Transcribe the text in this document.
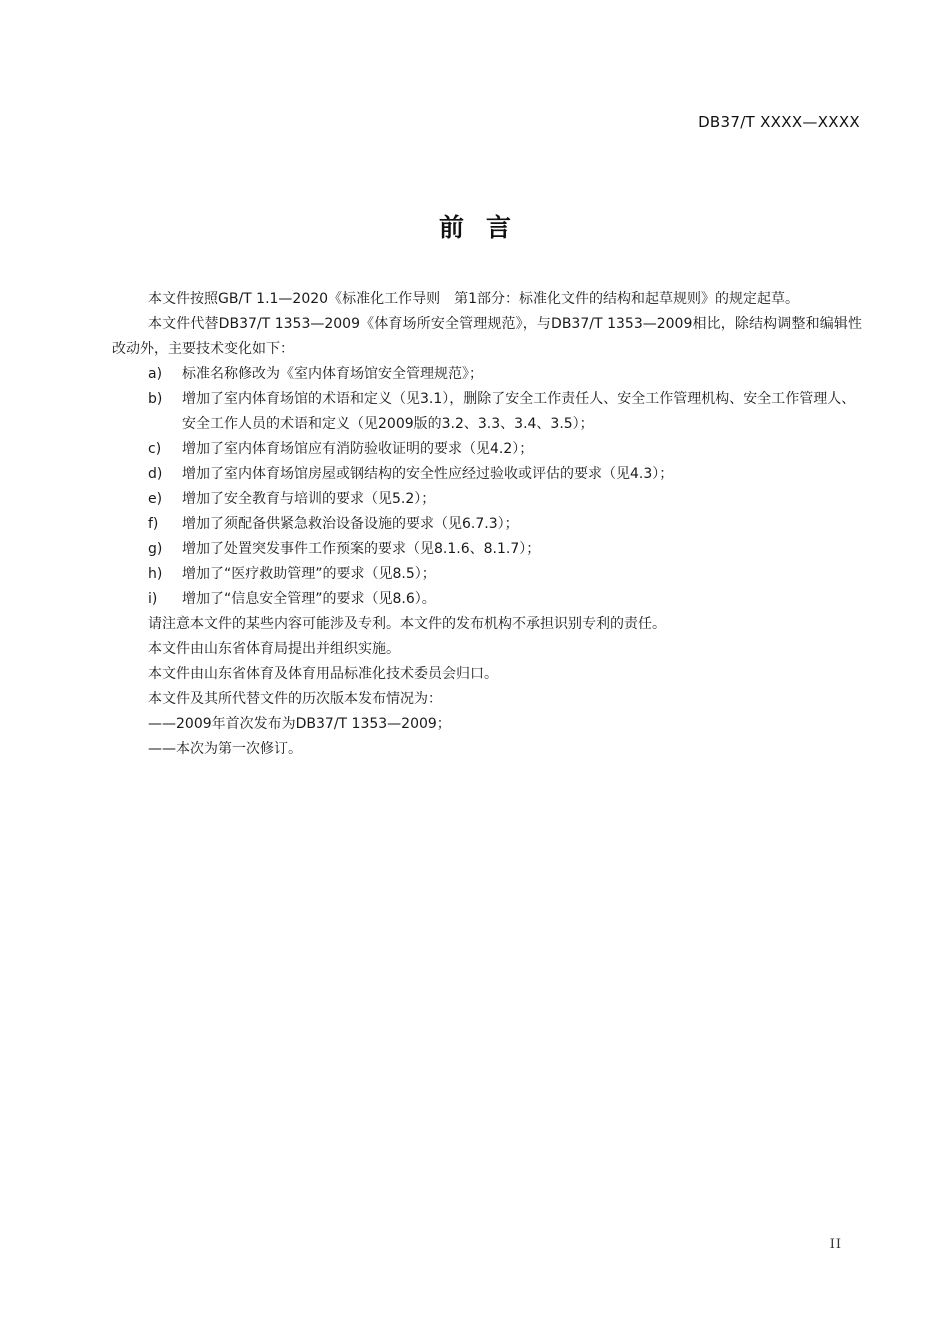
DB37/T XXXX—XXXX
前言

本文件按照GB/T 1.1—2020《标准化工作导则　第1部分：标准化文件的结构和起草规则》的规定起草。

本文件代替DB37/T 1353—2009《体育场所安全管理规范》，与DB37/T 1353—2009相比，除结构调整和编辑性改动外，主要技术变化如下：

a)	标准名称修改为《室内体育场馆安全管理规范》；
b)	增加了室内体育场馆的术语和定义（见3.1），删除了安全工作责任人、安全工作管理机构、安全工作管理人、安全工作人员的术语和定义（见2009版的3.2、3.3、3.4、3.5）；
c)	增加了室内体育场馆应有消防验收证明的要求（见4.2）；
d)	增加了室内体育场馆房屋或钢结构的安全性应经过验收或评估的要求（见4.3）；
e)	增加了安全教育与培训的要求（见5.2）；
f)	增加了须配备供紧急救治设备设施的要求（见6.7.3）；
g)	增加了处置突发事件工作预案的要求（见8.1.6、8.1.7）；
h)	增加了“医疗救助管理”的要求（见8.5）；
i)	增加了“信息安全管理”的要求（见8.6）。

请注意本文件的某些内容可能涉及专利。本文件的发布机构不承担识别专利的责任。

本文件由山东省体育局提出并组织实施。

本文件由山东省体育及体育用品标准化技术委员会归口。

本文件及其所代替文件的历次版本发布情况为：

——2009年首次发布为DB37/T 1353—2009；

——本次为第一次修订。

II
